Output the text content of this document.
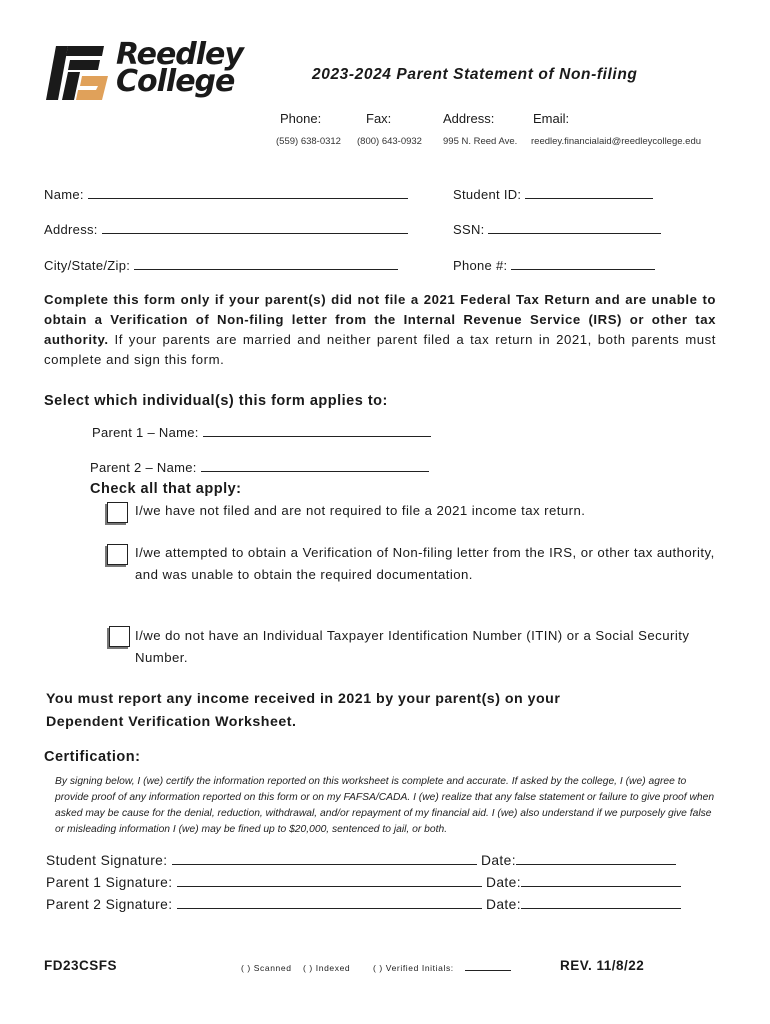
Reedley
College	2023-2024 Parent Statement of Non-filing
Phone:	Fax:	Address:	Email:
(559) 638-0312 (800) 643-0932 995 N. Reed Ave. reedley.financialaid@reedleycollege.edu
Name:	Student ID:
Address:	SSN:
City/State/Zip:	Phone #:
Complete this form only if your parent(s) did not file a 2021 Federal Tax Return and are unable to obtain a Verification of Non-filing letter from the Internal Revenue Service (IRS) or other tax authority. If your parents are married and neither parent filed a tax return in 2021, both parents must complete and sign this form.
Select which individual(s) this form applies to:
Parent 1 – Name:
Parent 2 – Name:
Check all that apply:
I/we have not filed and are not required to file a 2021 income tax return.
I/we attempted to obtain a Verification of Non-filing letter from the IRS, or other tax authority, and was unable to obtain the required documentation.
I/we do not have an Individual Taxpayer Identification Number (ITIN) or a Social Security Number.
You must report any income received in 2021 by your parent(s) on your Dependent Verification Worksheet.
Certification:
By signing below, I (we) certify the information reported on this worksheet is complete and accurate. If asked by the college, I (we) agree to provide proof of any information reported on this form or on my FAFSA/CADA. I (we) realize that any false statement or failure to give proof when asked may be cause for the denial, reduction, withdrawal, and/or repayment of my financial aid. I (we) also understand if we purposely give false or misleading information I (we) may be fined up to $20,000, sentenced to jail, or both.
Student Signature:	Date:
Parent 1 Signature:	Date:
Parent 2 Signature:	Date:
FD23CSFS	( ) Scanned ( ) Indexed	( ) Verified Initials:	REV. 11/8/22
